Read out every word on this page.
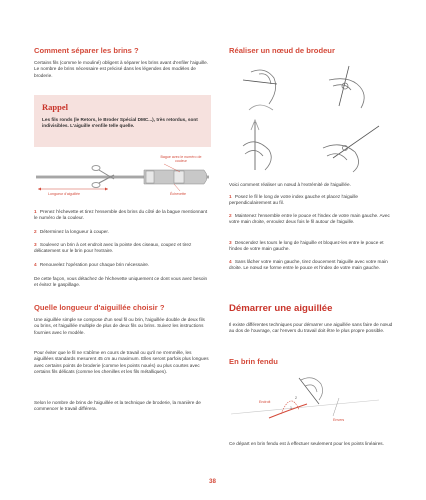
Comment séparer les brins ?

Certains fils (comme le mouliné) obligent à séparer les brins avant d'enfiler l'aiguille. Le nombre de brins nécessaire est précisé dans les légendes des modèles de broderie.

Rappel
Les fils ronds (le Retors, le Broder Spécial DMC...), très retordus, sont indivisibles. L'aiguille s'enfile telle quelle.
Bague avec le numéro de couleur
Longueur d'aiguillée	Échevette

1 Prenez l'échevette et tirez l'ensemble des brins du côté de la bague mentionnant le numéro de la couleur.

2 Déterminez la longueur à couper.

3 Soulevez un brin à cet endroit avec la pointe des ciseaux, coupez et tirez délicatement sur le brin pour l'extraire.

4 Renouvelez l'opération pour chaque brin nécessaire.

De cette façon, vous détachez de l'échevette uniquement ce dont vous avez besoin et évitez le gaspillage.

Quelle longueur d'aiguillée choisir ?

Une aiguillée simple se compose d'un seul fil ou brin, l'aiguillée double de deux fils ou brins, et l'aiguillée multiple de plus de deux fils ou brins. Suivez les instructions fournies avec le modèle.

Pour éviter que le fil ne s'abîme en cours de travail ou qu'il ne s'emmêle, les aiguillées standards mesurent 45 cm au maximum. Elles seront parfois plus longues avec certains points de broderie (comme les points noués) ou plus courtes avec certains fils délicats (comme les chenilles et les fils métalliques).

Selon le nombre de brins de l'aiguillée et la technique de broderie, la manière de commencer le travail différera.

Réaliser un nœud de brodeur

Voici comment réaliser un nœud à l'extrémité de l'aiguillée.

1 Posez le fil le long de votre index gauche et placez l'aiguille perpendiculairement au fil.

2 Maintenez l'ensemble entre le pouce et l'index de votre main gauche. Avec votre main droite, enroulez deux fois le fil autour de l'aiguille.

3 Descendez les tours le long de l'aiguille et bloquez-les entre le pouce et l'index de votre main gauche.

4 Sans lâcher votre main gauche, tirez doucement l'aiguille avec votre main droite. Le nœud se forme entre le pouce et l'index de votre main gauche.

Démarrer une aiguillée

Il existe différentes techniques pour démarrer une aiguillée sans faire de nœud au dos de l'ouvrage, car l'envers du travail doit être le plus propre possible.

En brin fendu
Endroit
1
2
Envers

Ce départ en brin fendu est à effectuer seulement pour les points linéaires.

38
